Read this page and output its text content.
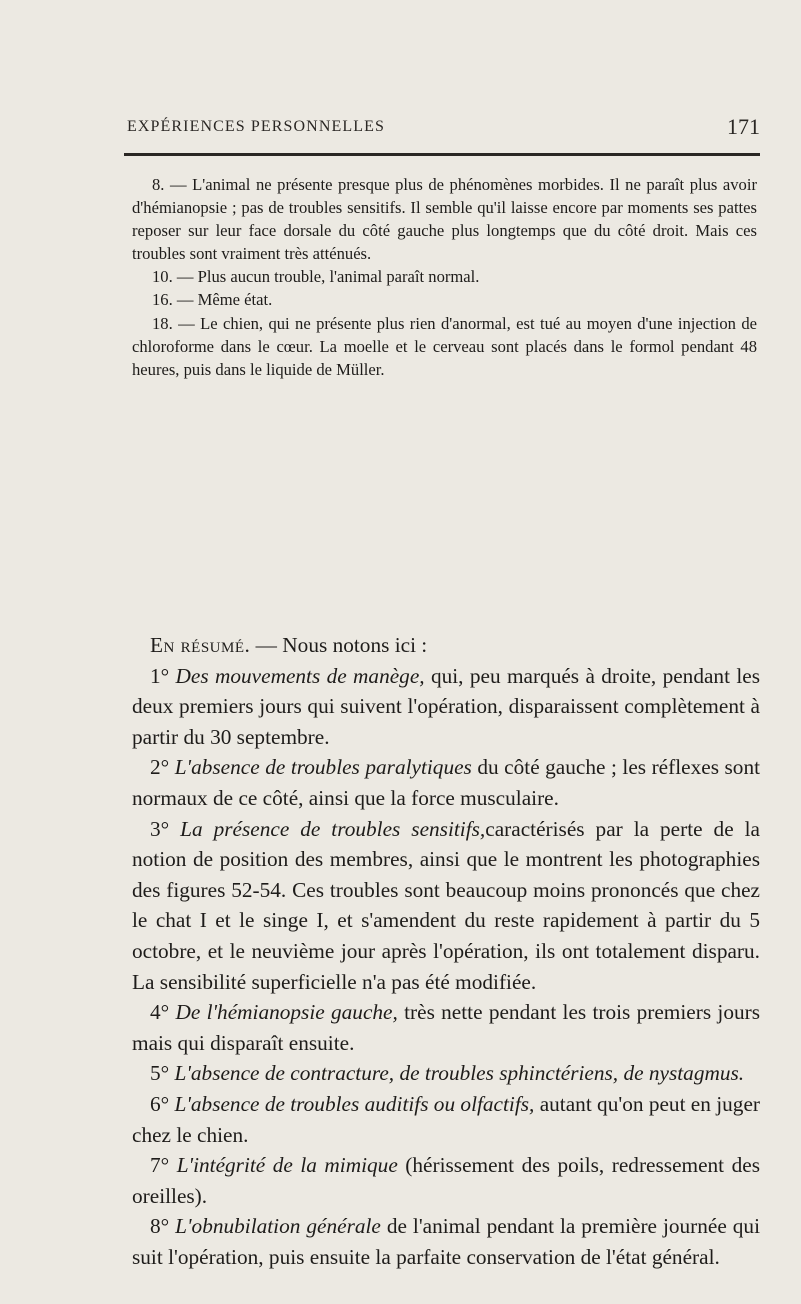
EXPÉRIENCES PERSONNELLES	171

8. — L'animal ne présente presque plus de phénomènes morbides. Il ne paraît plus avoir d'hémianopsie ; pas de troubles sensitifs. Il semble qu'il laisse encore par moments ses pattes reposer sur leur face dorsale du côté gauche plus longtemps que du côté droit. Mais ces troubles sont vraiment très atténués.

10. — Plus aucun trouble, l'animal paraît normal.

16. — Même état.

18. — Le chien, qui ne présente plus rien d'anormal, est tué au moyen d'une injection de chloroforme dans le cœur. La moelle et le cerveau sont placés dans le formol pendant 48 heures, puis dans le liquide de Müller.

En résumé. — Nous notons ici :

1° Des mouvements de manège, qui, peu marqués à droite, pendant les deux premiers jours qui suivent l'opération, disparaissent complètement à partir du 30 septembre.

2° L'absence de troubles paralytiques du côté gauche ; les réflexes sont normaux de ce côté, ainsi que la force musculaire.

3° La présence de troubles sensitifs,caractérisés par la perte de la notion de position des membres, ainsi que le montrent les photographies des figures 52-54. Ces troubles sont beaucoup moins prononcés que chez le chat I et le singe I, et s'amendent du reste rapidement à partir du 5 octobre, et le neuvième jour après l'opération, ils ont totalement disparu. La sensibilité superficielle n'a pas été modifiée.

4° De l'hémianopsie gauche, très nette pendant les trois premiers jours mais qui disparaît ensuite.

5° L'absence de contracture, de troubles sphinctériens, de nystagmus.

6° L'absence de troubles auditifs ou olfactifs, autant qu'on peut en juger chez le chien.

7° L'intégrité de la mimique (hérissement des poils, redressement des oreilles).

8° L'obnubilation générale de l'animal pendant la première journée qui suit l'opération, puis ensuite la parfaite conservation de l'état général.
